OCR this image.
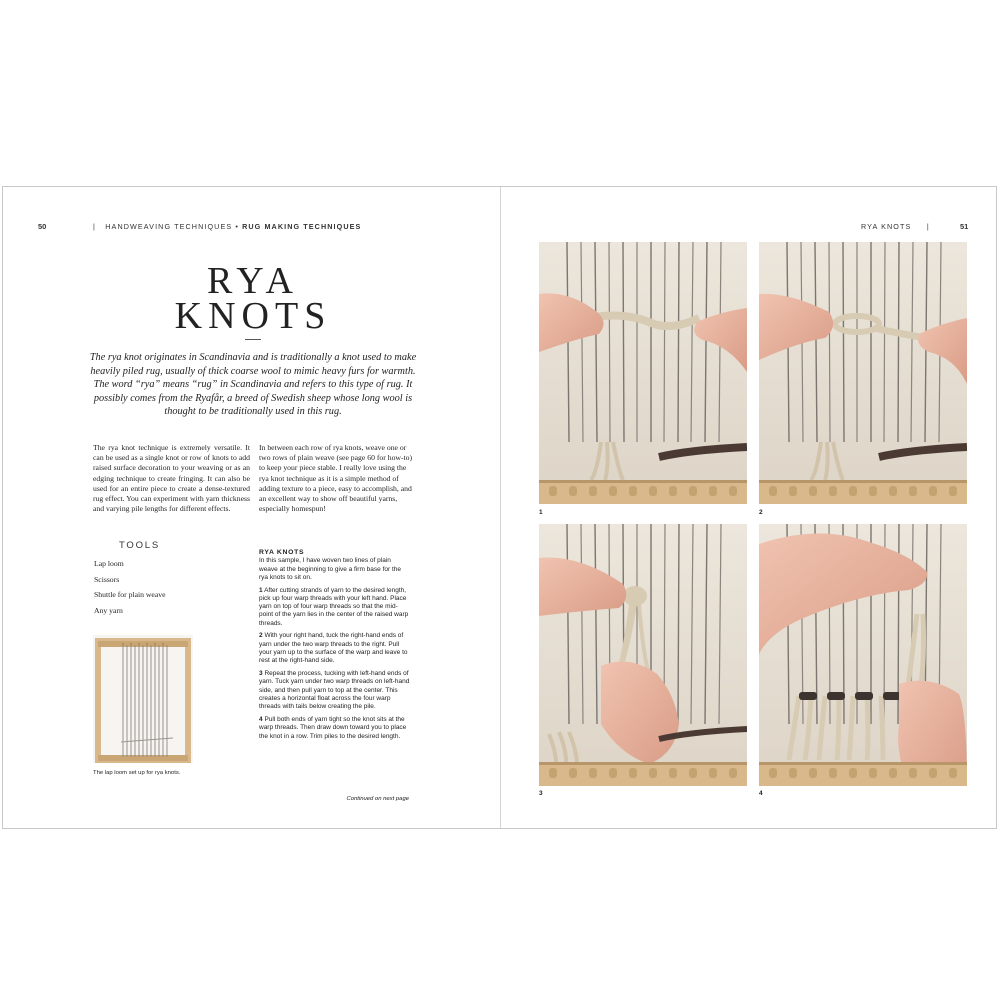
50	| HANDWEAVING TECHNIQUES • RUG MAKING TECHNIQUES
RYA
KNOTS
The rya knot originates in Scandinavia and is traditionally a knot used to make heavily piled rug, usually of thick coarse wool to mimic heavy furs for warmth. The word “rya” means “rug” in Scandinavia and refers to this type of rug. It possibly comes from the Ryafår, a breed of Swedish sheep whose long wool is thought to be traditionally used in this rug.
The rya knot technique is extremely versatile. It can be used as a single knot or row of knots to add raised surface decoration to your weaving or as an edging technique to create fringing. It can also be used for an entire piece to create a dense-textured rug effect. You can experiment with yarn thickness and varying pile lengths for different effects.
In between each row of rya knots, weave one or two rows of plain weave (see page 60 for how-to) to keep your piece stable. I really love using the rya knot technique as it is a simple method of adding texture to a piece, easy to accomplish, and an excellent way to show off beautiful yarns, especially homespun!
TOOLS
Lap loom
Scissors
Shuttle for plain weave
Any yarn
The lap loom set up for rya knots.
RYA KNOTS

In this sample, I have woven two lines of plain weave at the beginning to give a firm base for the rya knots to sit on.

1 After cutting strands of yarn to the desired length, pick up four warp threads with your left hand. Place yarn on top of four warp threads so that the mid-point of the yarn lies in the center of the raised warp threads.

2 With your right hand, tuck the right-hand ends of yarn under the two warp threads to the right. Pull your yarn up to the surface of the warp and leave to rest at the right-hand side.

3 Repeat the process, tucking with left-hand ends of yarn. Tuck yarn under two warp threads on left-hand side, and then pull yarn to top at the center. This creates a horizontal float across the four warp threads with tails below creating the pile.

4 Pull both ends of yarn tight so the knot sits at the warp threads. Then draw down toward you to place the knot in a row. Trim piles to the desired length.

Continued on next page
RYA KNOTS |	51
1	2
3	4
